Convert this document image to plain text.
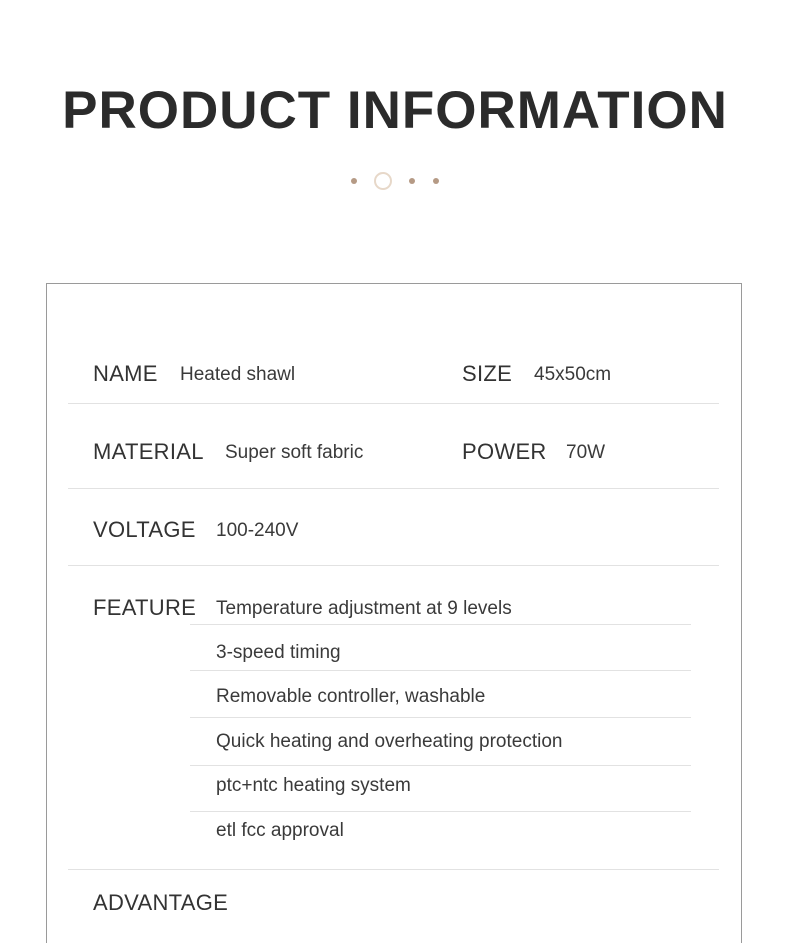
PRODUCT INFORMATION
NAME Heated shawl	SIZE 45x50cm
MATERIAL Super soft fabric	POWER 70W
VOLTAGE 100-240V
FEATURE Temperature adjustment at 9 levels
3-speed timing
Removable controller, washable
Quick heating and overheating protection
ptc+ntc heating system
etl fcc approval
ADVANTAGE
